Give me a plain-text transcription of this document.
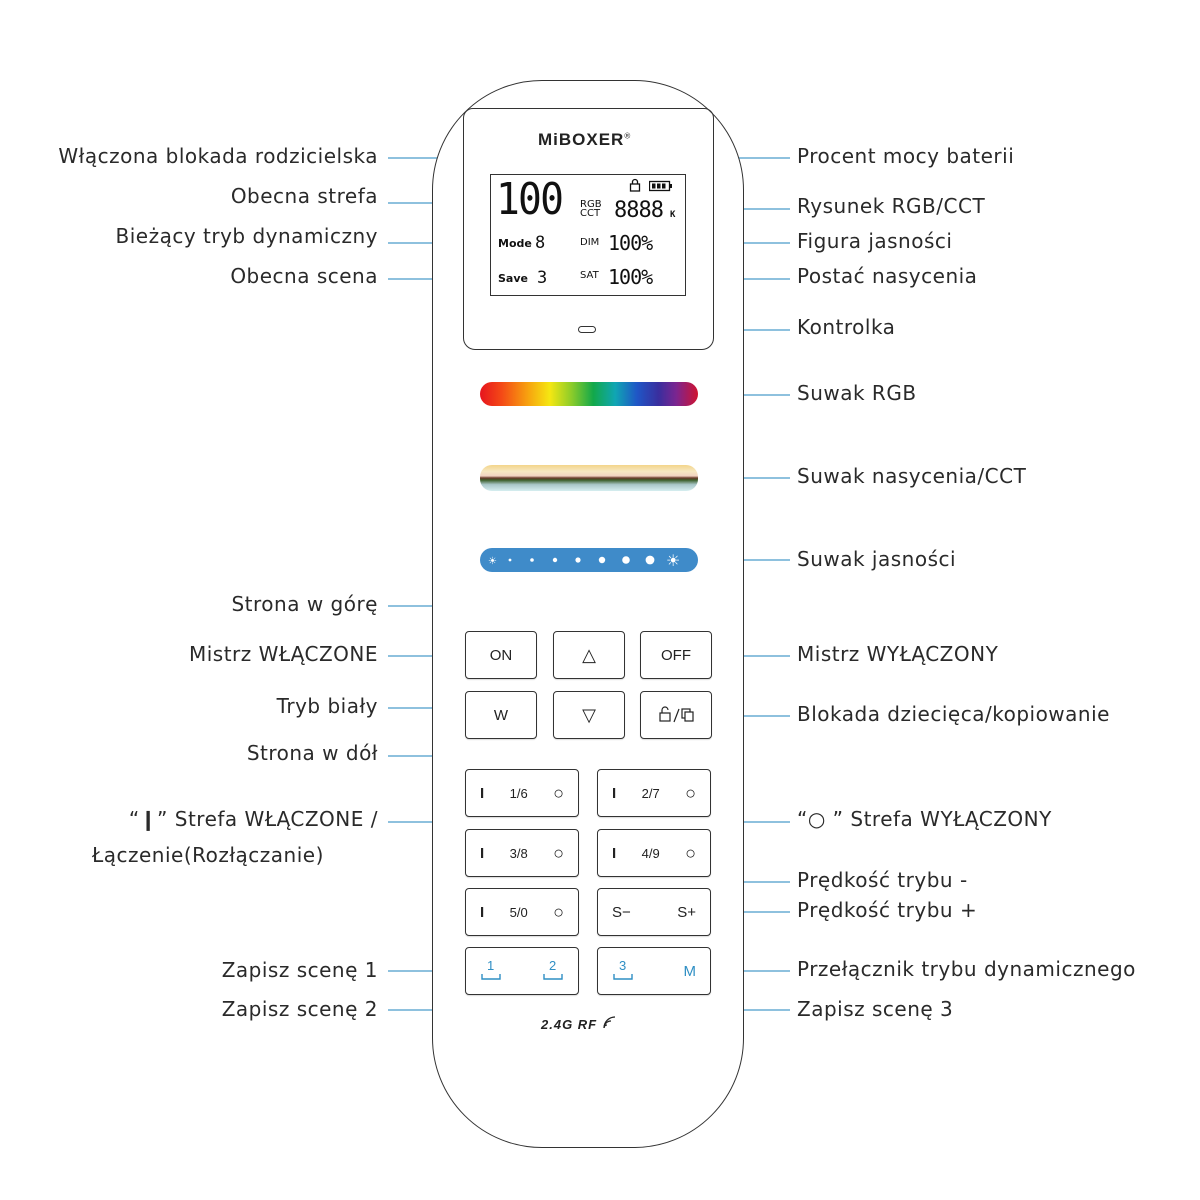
MiBOXER®
100
Mode 8
Save 3
RGB
CCT 8888 K
DIM 100%
SAT 100%
☀	☀
ON	△	OFF
W	▽
I 1/6 ○	I 2/7 ○
I 3/8 ○	I 4/9 ○
I 5/0 ○	S−	S+
1	2	3	M
2.4G RF
Włączona blokada rodzicielska
Obecna strefa
Bieżący tryb dynamiczny
Obecna scena
Strona w górę
Mistrz WŁĄCZONE
Tryb biały
Strona w dół
“❙” Strefa WŁĄCZONE /
Łączenie(Rozłączanie)
Zapisz scenę 1
Zapisz scenę 2
Procent mocy baterii
Rysunek RGB/CCT
Figura jasności
Postać nasycenia
Kontrolka
Suwak RGB
Suwak nasycenia/CCT
Suwak jasności
Mistrz WYŁĄCZONY
Blokada dziecięca/kopiowanie
“○ ” Strefa WYŁĄCZONY
Prędkość trybu -
Prędkość trybu +
Przełącznik trybu dynamicznego
Zapisz scenę 3
